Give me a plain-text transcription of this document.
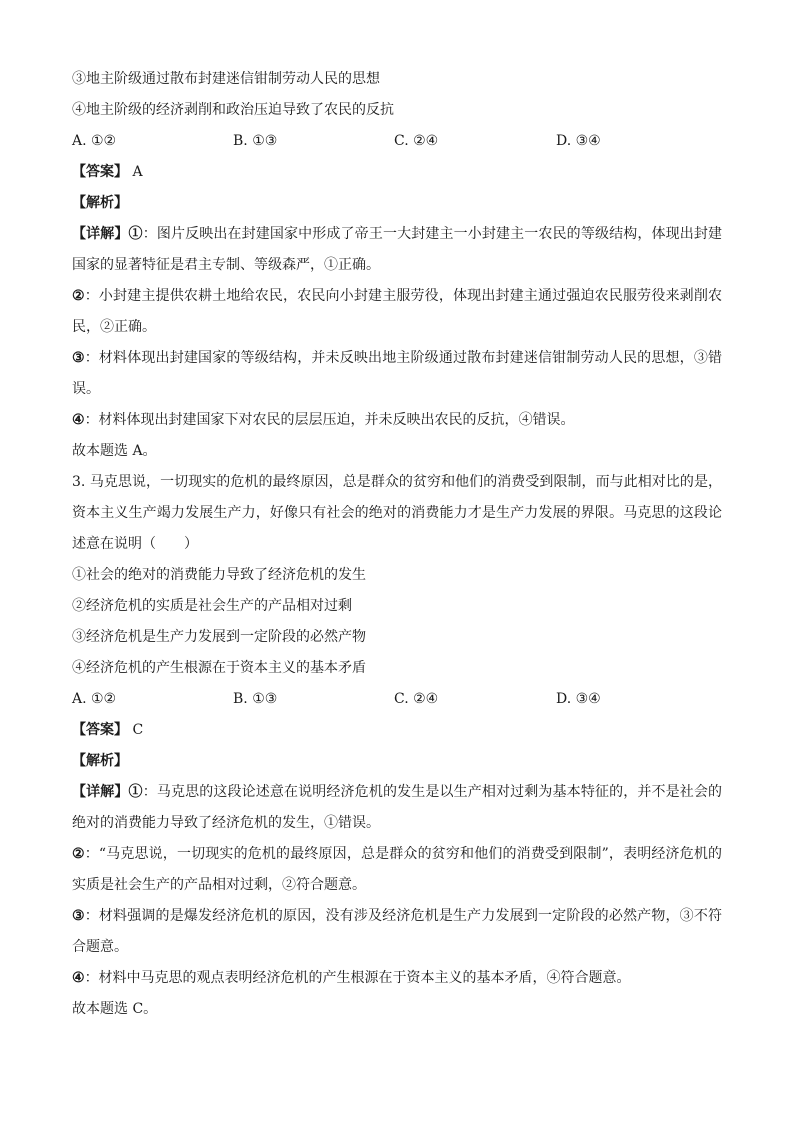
③地主阶级通过散布封建迷信钳制劳动人民的思想
④地主阶级的经济剥削和政治压迫导致了农民的反抗
A. ①②	B. ①③	C. ②④	D. ③④
【答案】 A
【解析】
【详解】①：图片反映出在封建国家中形成了帝王一大封建主一小封建主一农民的等级结构，体现出封建国家的显著特征是君主专制、等级森严，①正确。
②：小封建主提供农耕土地给农民，农民向小封建主服劳役，体现出封建主通过强迫农民服劳役来剥削农民，②正确。
③：材料体现出封建国家的等级结构，并未反映出地主阶级通过散布封建迷信钳制劳动人民的思想，③错误。
④：材料体现出封建国家下对农民的层层压迫，并未反映出农民的反抗，④错误。
故本题选 A。
3. 马克思说，一切现实的危机的最终原因，总是群众的贫穷和他们的消费受到限制，而与此相对比的是，资本主义生产竭力发展生产力，好像只有社会的绝对的消费能力才是生产力发展的界限。马克思的这段论述意在说明（　　）
①社会的绝对的消费能力导致了经济危机的发生
②经济危机的实质是社会生产的产品相对过剩
③经济危机是生产力发展到一定阶段的必然产物
④经济危机的产生根源在于资本主义的基本矛盾
A. ①②	B. ①③	C. ②④	D. ③④
【答案】 C
【解析】
【详解】①：马克思的这段论述意在说明经济危机的发生是以生产相对过剩为基本特征的，并不是社会的绝对的消费能力导致了经济危机的发生，①错误。
②：“马克思说，一切现实的危机的最终原因，总是群众的贫穷和他们的消费受到限制”，表明经济危机的实质是社会生产的产品相对过剩，②符合题意。
③：材料强调的是爆发经济危机的原因，没有涉及经济危机是生产力发展到一定阶段的必然产物，③不符合题意。
④：材料中马克思的观点表明经济危机的产生根源在于资本主义的基本矛盾，④符合题意。
故本题选 C。
